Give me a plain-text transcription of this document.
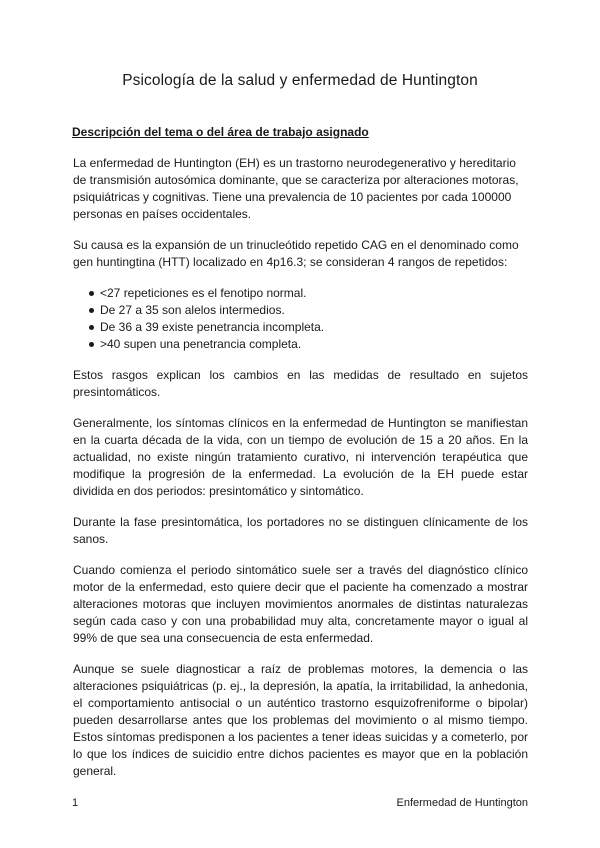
Psicología de la salud y enfermedad de Huntington
Descripción del tema o del área de trabajo asignado

La enfermedad de Huntington (EH) es un trastorno neurodegenerativo y hereditario de transmisión autosómica dominante, que se caracteriza por alteraciones motoras, psiquiátricas y cognitivas. Tiene una prevalencia de 10 pacientes por cada 100000 personas en países occidentales.

Su causa es la expansión de un trinucleótido repetido CAG en el denominado como gen huntingtina (HTT) localizado en 4p16.3; se consideran 4 rangos de repetidos:

<27 repeticiones es el fenotipo normal.
De 27 a 35 son alelos intermedios.
De 36 a 39 existe penetrancia incompleta.
>40 supen una penetrancia completa.

Estos rasgos explican los cambios en las medidas de resultado en sujetos presintomáticos.

Generalmente, los síntomas clínicos en la enfermedad de Huntington se manifiestan en la cuarta década de la vida, con un tiempo de evolución de 15 a 20 años. En la actualidad, no existe ningún tratamiento curativo, ni intervención terapéutica que modifique la progresión de la enfermedad. La evolución de la EH puede estar dividida en dos periodos: presintomático y sintomático.

Durante la fase presintomática, los portadores no se distinguen clínicamente de los sanos.

Cuando comienza el periodo sintomático suele ser a través del diagnóstico clínico motor de la enfermedad, esto quiere decir que el paciente ha comenzado a mostrar alteraciones motoras que incluyen movimientos anormales de distintas naturalezas según cada caso y con una probabilidad muy alta, concretamente mayor o igual al 99% de que sea una consecuencia de esta enfermedad.

Aunque se suele diagnosticar a raíz de problemas motores, la demencia o las alteraciones psiquiátricas (p. ej., la depresión, la apatía, la irritabilidad, la anhedonia, el comportamiento antisocial o un auténtico trastorno esquizofreniforme o bipolar) pueden desarrollarse antes que los problemas del movimiento o al mismo tiempo. Estos síntomas predisponen a los pacientes a tener ideas suicidas y a cometerlo, por lo que los índices de suicidio entre dichos pacientes es mayor que en la población general.

1	Enfermedad de Huntington
